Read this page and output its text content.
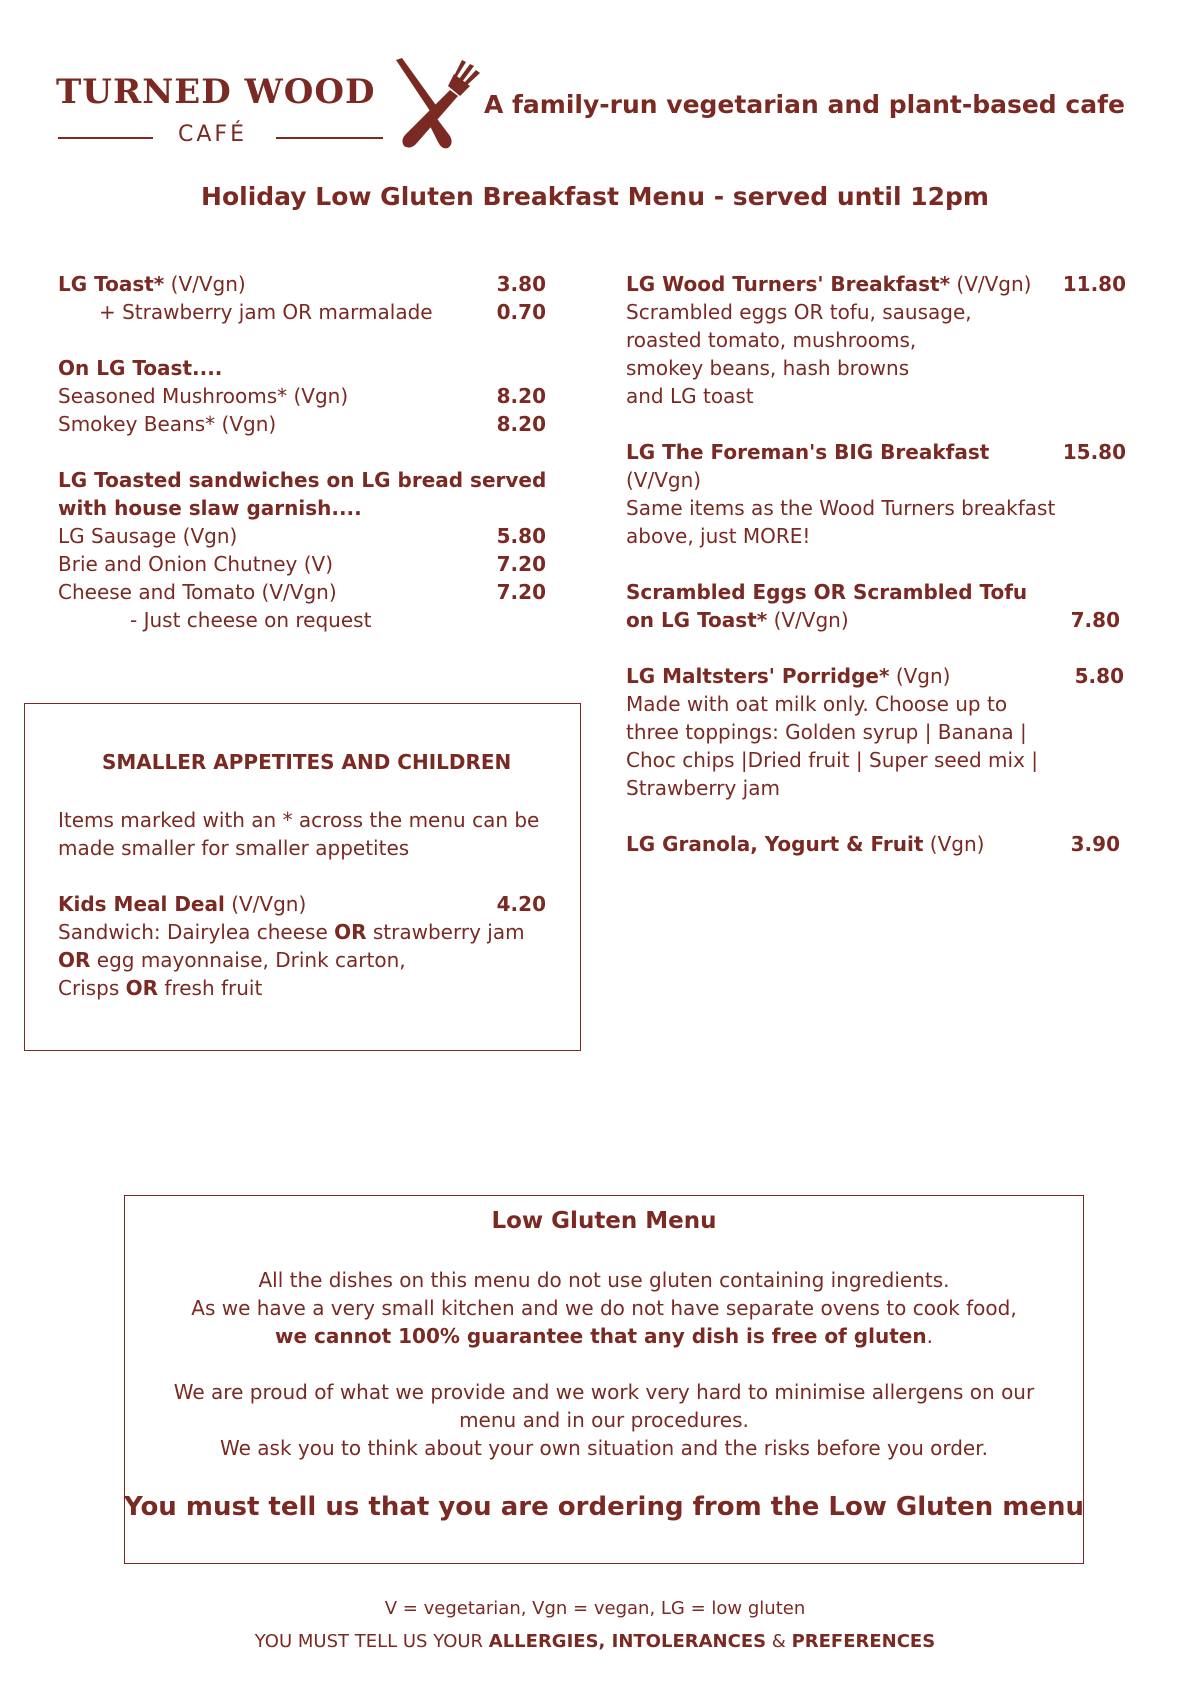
TURNED WOOD
CAFÉ
A family-run vegetarian and plant-based cafe
Holiday Low Gluten Breakfast Menu - served until 12pm
LG Toast* (V/Vgn)	3.80
+ Strawberry jam OR marmalade	0.70
On LG Toast....
Seasoned Mushrooms* (Vgn)	8.20
Smokey Beans* (Vgn)	8.20
LG Toasted sandwiches on LG bread served
with house slaw garnish....
LG Sausage (Vgn)	5.80
Brie and Onion Chutney (V)	7.20
Cheese and Tomato (V/Vgn)	7.20
- Just cheese on request
SMALLER APPETITES AND CHILDREN
Items marked with an * across the menu can be
made smaller for smaller appetites
Kids Meal Deal (V/Vgn)	4.20
Sandwich: Dairylea cheese OR strawberry jam
OR egg mayonnaise, Drink carton,
Crisps OR fresh fruit
LG Wood Turners' Breakfast* (V/Vgn)	11.80
Scrambled eggs OR tofu, sausage,
roasted tomato, mushrooms,
smokey beans, hash browns
and LG toast
LG The Foreman's BIG Breakfast	15.80
(V/Vgn)
Same items as the Wood Turners breakfast
above, just MORE!
Scrambled Eggs OR Scrambled Tofu
on LG Toast* (V/Vgn)	7.80
LG Maltsters' Porridge* (Vgn)	5.80
Made with oat milk only. Choose up to
three toppings: Golden syrup | Banana |
Choc chips |Dried fruit | Super seed mix |
Strawberry jam
LG Granola, Yogurt & Fruit (Vgn)	3.90
Low Gluten Menu
All the dishes on this menu do not use gluten containing ingredients.
As we have a very small kitchen and we do not have separate ovens to cook food,
we cannot 100% guarantee that any dish is free of gluten.
We are proud of what we provide and we work very hard to minimise allergens on our
menu and in our procedures.
We ask you to think about your own situation and the risks before you order.
You must tell us that you are ordering from the Low Gluten menu
V = vegetarian, Vgn = vegan, LG = low gluten
YOU MUST TELL US YOUR ALLERGIES, INTOLERANCES & PREFERENCES
